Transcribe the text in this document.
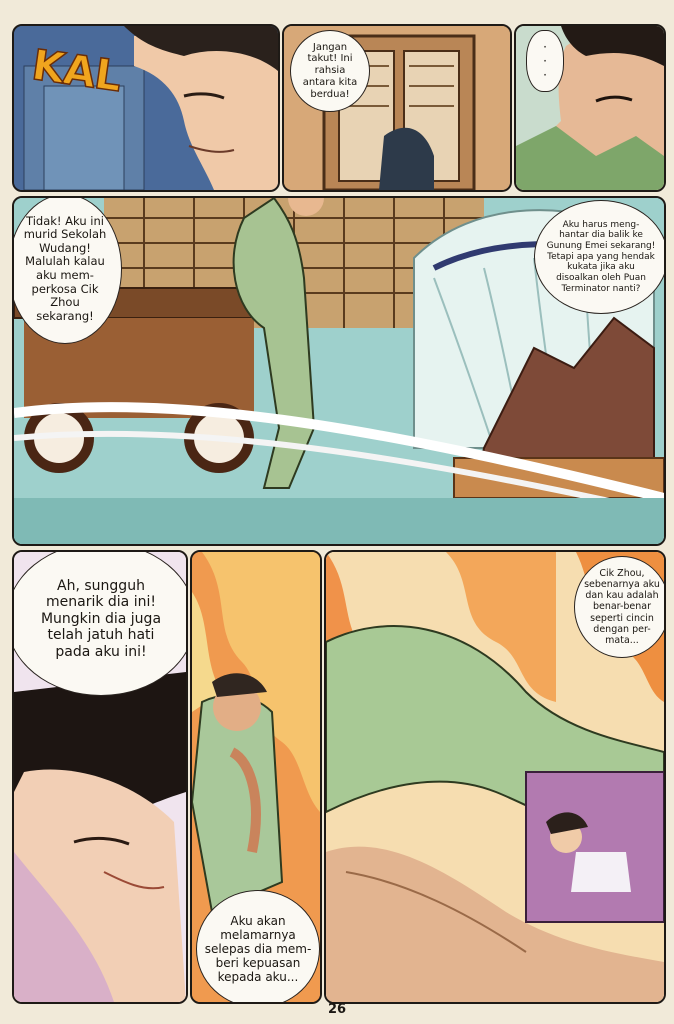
KAL	Jangan
takut! Ini
rahsia
antara kita
berdua!
·
·
·
Tidak! Aku ini
murid Sekolah
Wudang!
Malulah kalau
aku mem-
perkosa Cik
Zhou
sekarang!
Aku harus meng-
hantar dia balik ke
Gunung Emei sekarang!
Tetapi apa yang hendak
kukata jika aku
disoalkan oleh Puan
Terminator nanti?
Ah, sungguh
menarik dia ini!
Mungkin dia juga
telah jatuh hati
pada aku ini!
Aku akan
melamarnya
selepas dia mem-
beri kepuasan
kepada aku...
Cik Zhou,
sebenarnya aku
dan kau adalah
benar-benar
seperti cincin
dengan per-
mata...
26
